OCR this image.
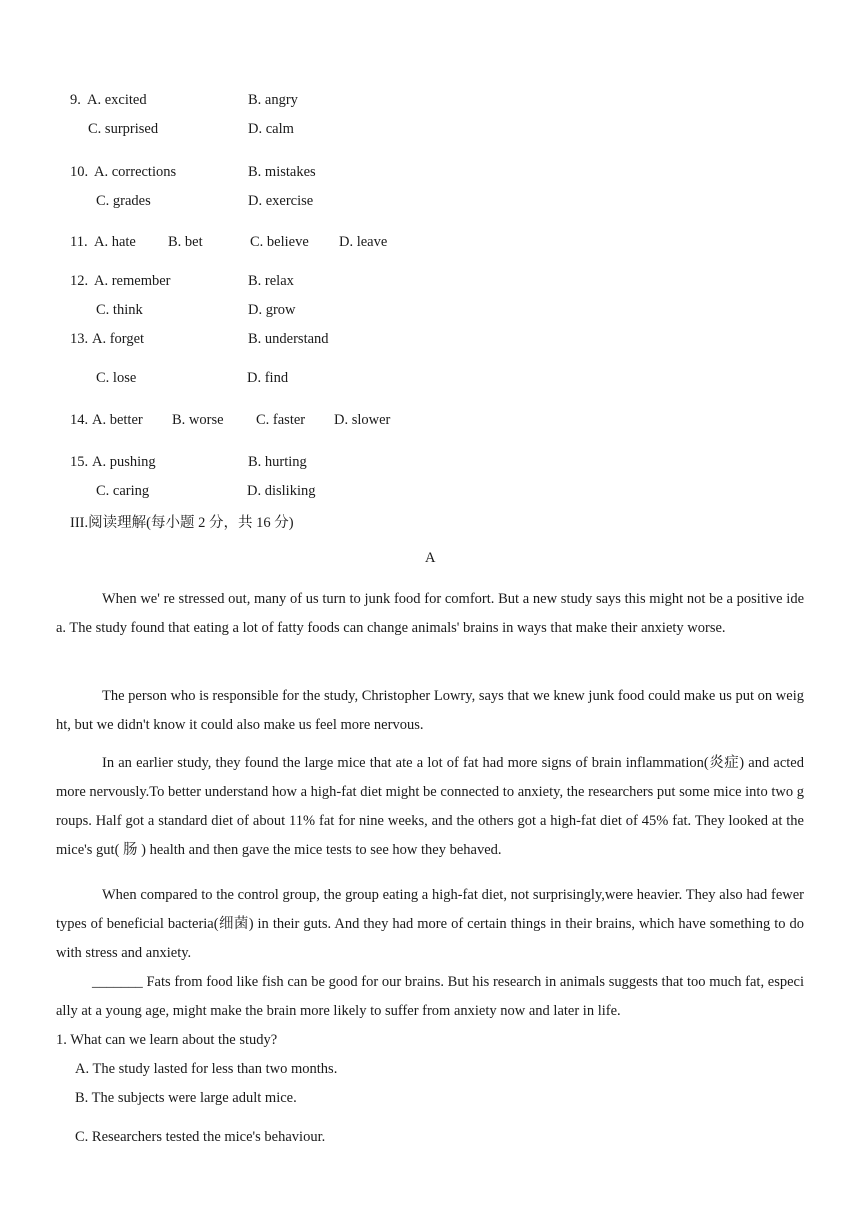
9. A. excited	B. angry
C. surprised	D. calm
10. A. corrections	B. mistakes
C. grades	D. exercise
11. A. hate B. bet	C. believe D. leave
12. A. remember	B. relax
C. think	D. grow
13. A. forget	B. understand
C. lose	D. find
14. A. better B. worse C. faster D. slower
15. A. pushing	B. hurting
C. caring	D. disliking
III.阅读理解(每小题 2 分，共 16 分)
A
When we' re stressed out, many of us turn to junk food for comfort. But a new study says this might not be a positive idea. The study found that eating a lot of fatty foods can change animals' brains in ways that make their anxiety worse.
The person who is responsible for the study, Christopher Lowry, says that we knew junk food could make us put on weight, but we didn't know it could also make us feel more nervous.
In an earlier study, they found the large mice that ate a lot of fat had more signs of brain inflammation(炎症) and acted more nervously.To better understand how a high-fat diet might be connected to anxiety, the researchers put some mice into two groups. Half got a standard diet of about 11% fat for nine weeks, and the others got a high-fat diet of 45% fat. They looked at the mice's gut( 肠 ) health and then gave the mice tests to see how they behaved.
When compared to the control group, the group eating a high-fat diet, not surprisingly,were heavier. They also had fewer types of beneficial bacteria(细菌) in their guts. And they had more of certain things in their brains, which have something to do with stress and anxiety.
_______ Fats from food like fish can be good for our brains. But his research in animals suggests that too much fat, especially at a young age, might make the brain more likely to suffer from anxiety now and later in life.
1. What can we learn about the study?
A. The study lasted for less than two months.
B. The subjects were large adult mice.
C. Researchers tested the mice's behaviour.
